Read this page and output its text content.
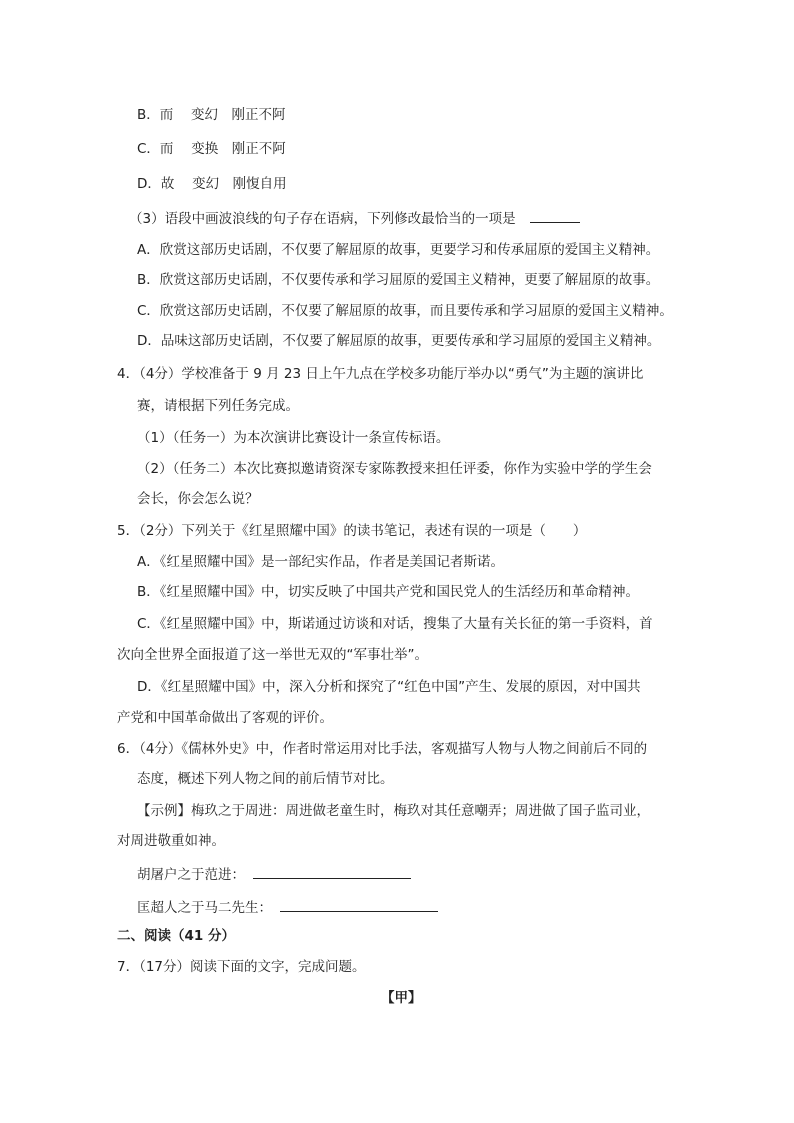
B．而　 变幻　刚正不阿
C．而　 变换　刚正不阿
D．故　 变幻　刚愎自用
（3）语段中画波浪线的句子存在语病，下列修改最恰当的一项是
A．欣赏这部历史话剧，不仅要了解屈原的故事，更要学习和传承屈原的爱国主义精神。
B．欣赏这部历史话剧，不仅要传承和学习屈原的爱国主义精神，更要了解屈原的故事。
C．欣赏这部历史话剧，不仅要了解屈原的故事，而且要传承和学习屈原的爱国主义精神。
D．品味这部历史话剧，不仅要了解屈原的故事，更要传承和学习屈原的爱国主义精神。
4．（4分）学校准备于 9 月 23 日上午九点在学校多功能厅举办以“勇气”为主题的演讲比
赛，请根据下列任务完成。
（1）（任务一）为本次演讲比赛设计一条宣传标语。
（2）（任务二）本次比赛拟邀请资深专家陈教授来担任评委，你作为实验中学的学生会
会长，你会怎么说？
5．（2分）下列关于《红星照耀中国》的读书笔记，表述有误的一项是（　　）
A．《红星照耀中国》是一部纪实作品，作者是美国记者斯诺。
B．《红星照耀中国》中，切实反映了中国共产党和国民党人的生活经历和革命精神。
C．《红星照耀中国》中，斯诺通过访谈和对话，搜集了大量有关长征的第一手资料，首
次向全世界全面报道了这一举世无双的“军事壮举”。
D．《红星照耀中国》中，深入分析和探究了“红色中国”产生、发展的原因，对中国共
产党和中国革命做出了客观的评价。
6．（4分）《儒林外史》中，作者时常运用对比手法，客观描写人物与人物之间前后不同的
态度，概述下列人物之间的前后情节对比。
【示例】梅玖之于周进：周进做老童生时，梅玖对其任意嘲弄；周进做了国子监司业，
对周进敬重如神。
胡屠户之于范进：
匡超人之于马二先生：
二、阅读（41 分）
7．（17分）阅读下面的文字，完成问题。
【甲】
